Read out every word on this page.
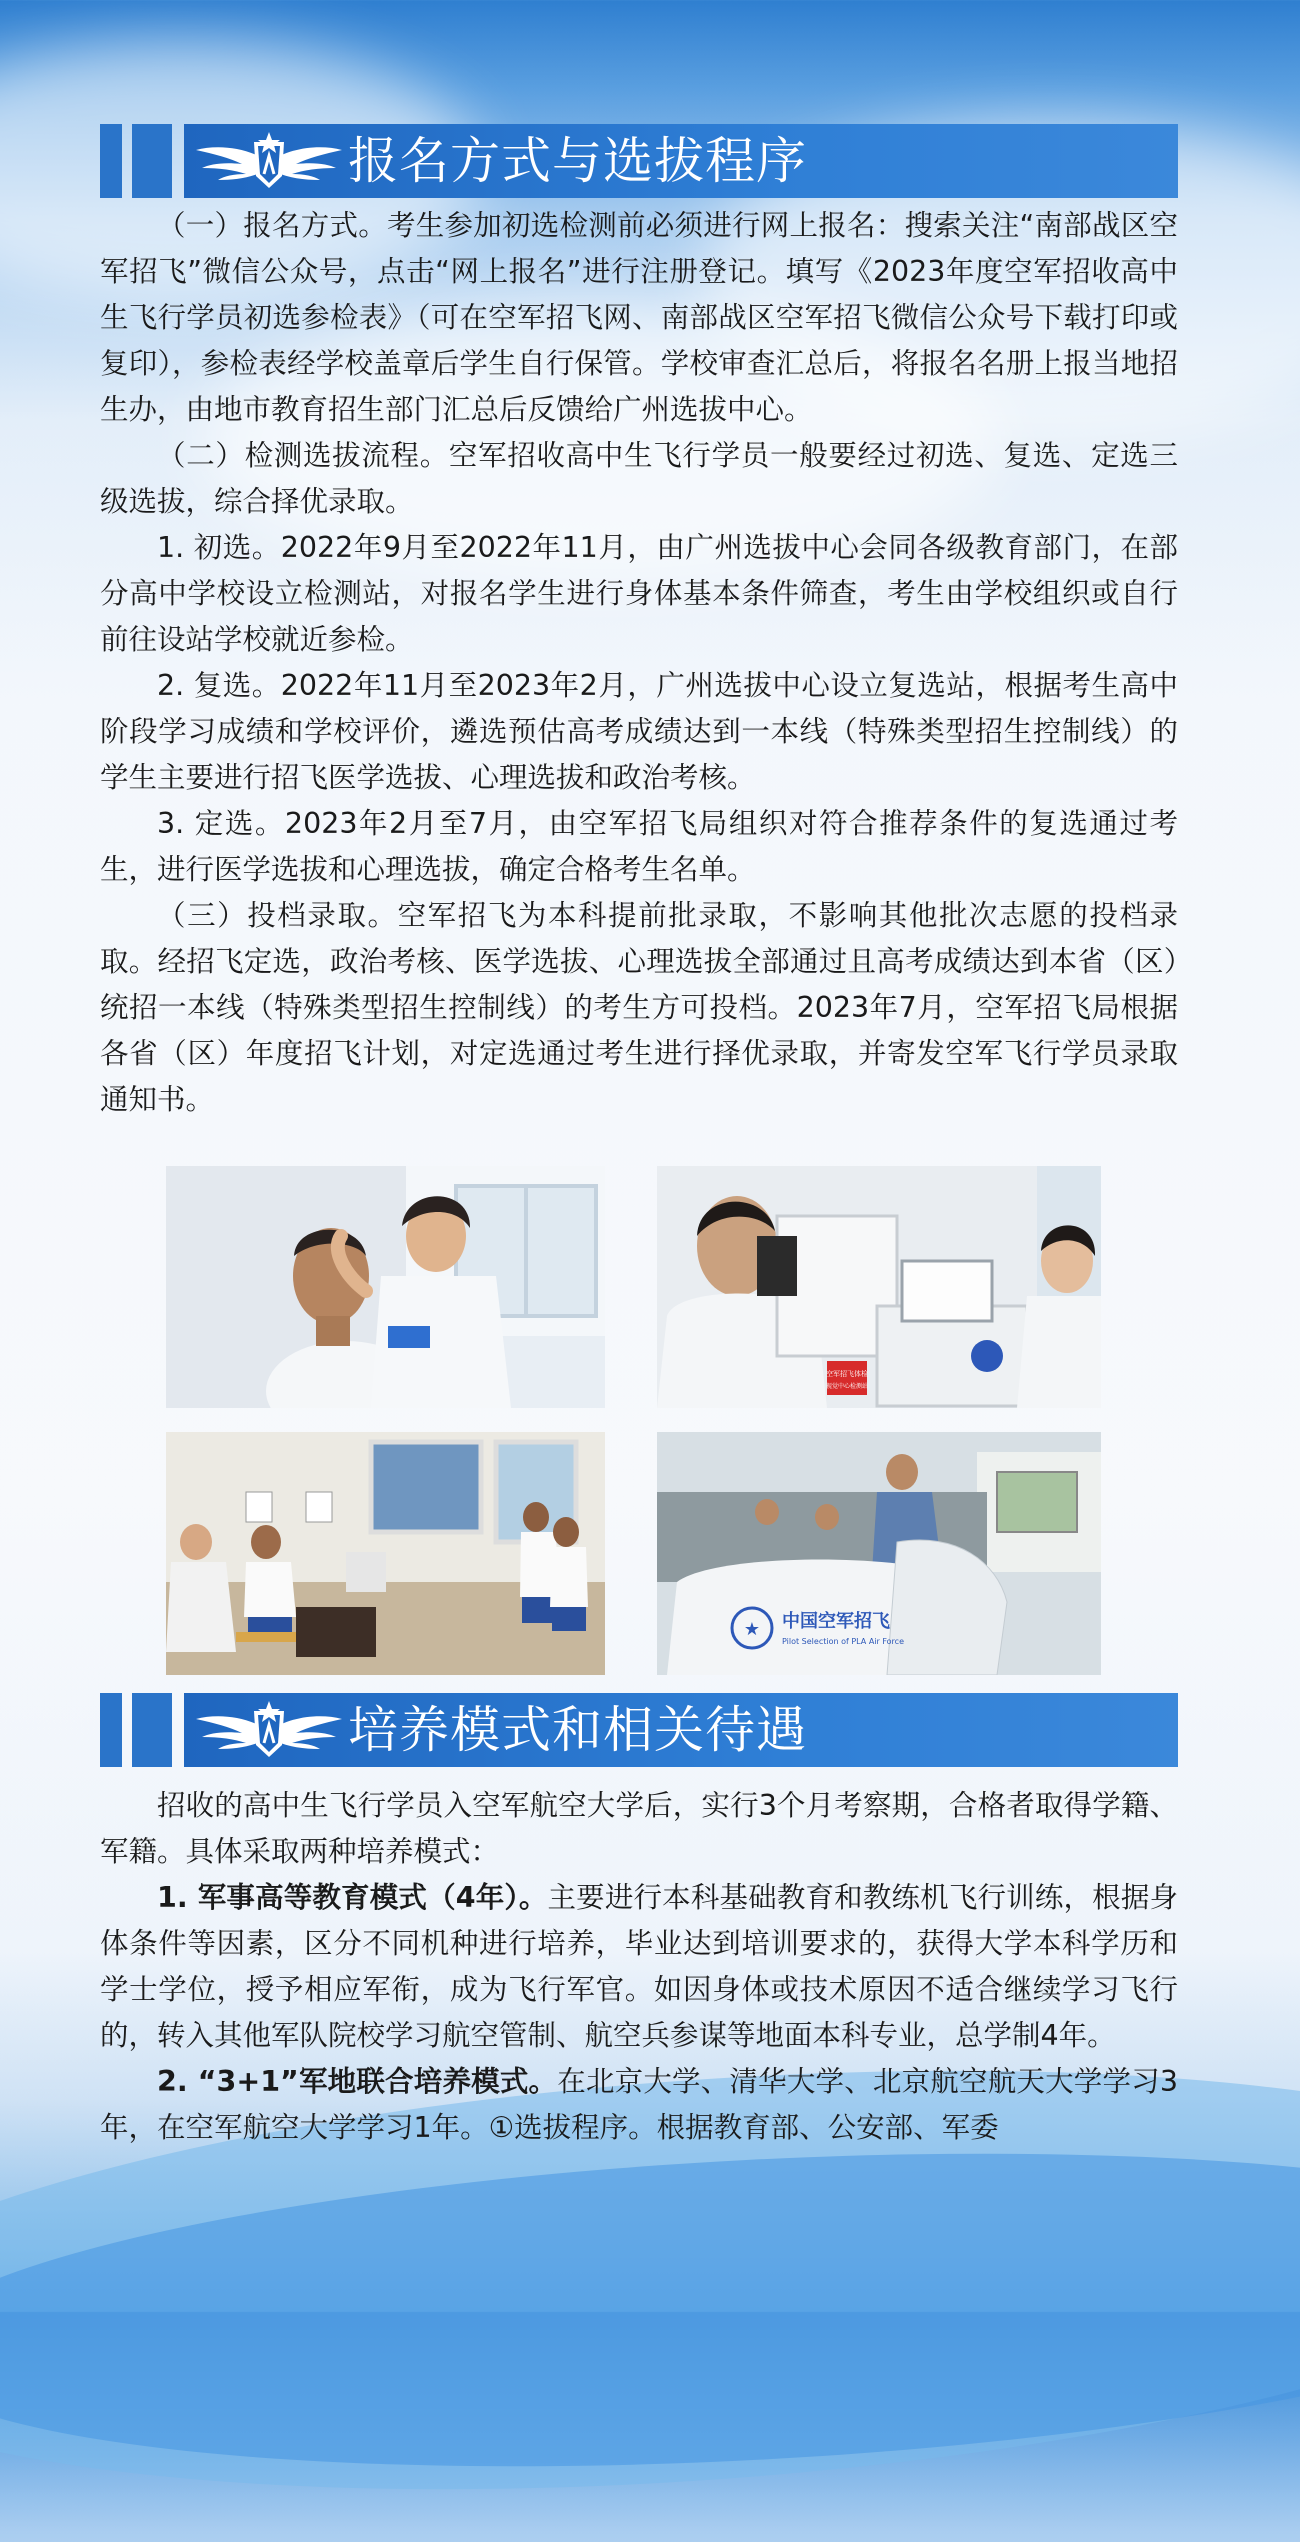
报名方式与选拔程序

（一）报名方式。考生参加初选检测前必须进行网上报名：搜索关注“南部战区空军招飞”微信公众号，点击“网上报名”进行注册登记。填写《2023年度空军招收高中生飞行学员初选参检表》（可在空军招飞网、南部战区空军招飞微信公众号下载打印或复印），参检表经学校盖章后学生自行保管。学校审查汇总后，将报名名册上报当地招生办，由地市教育招生部门汇总后反馈给广州选拔中心。

（二）检测选拔流程。空军招收高中生飞行学员一般要经过初选、复选、定选三级选拔，综合择优录取。

1. 初选。2022年9月至2022年11月，由广州选拔中心会同各级教育部门，在部分高中学校设立检测站，对报名学生进行身体基本条件筛查，考生由学校组织或自行前往设站学校就近参检。

2. 复选。2022年11月至2023年2月，广州选拔中心设立复选站，根据考生高中阶段学习成绩和学校评价，遴选预估高考成绩达到一本线（特殊类型招生控制线）的学生主要进行招飞医学选拔、心理选拔和政治考核。

3. 定选。2023年2月至7月，由空军招飞局组织对符合推荐条件的复选通过考生，进行医学选拔和心理选拔，确定合格考生名单。

（三）投档录取。空军招飞为本科提前批录取，不影响其他批次志愿的投档录取。经招飞定选，政治考核、医学选拔、心理选拔全部通过且高考成绩达到本省（区）统招一本线（特殊类型招生控制线）的考生方可投档。2023年7月，空军招飞局根据各省（区）年度招飞计划，对定选通过考生进行择优录取，并寄发空军飞行学员录取通知书。

空军招飞体检
视觉中心检测站
★ 中国空军招飞
Pilot Selection of PLA Air Force
培养模式和相关待遇

招收的高中生飞行学员入空军航空大学后，实行3个月考察期，合格者取得学籍、军籍。具体采取两种培养模式：

1. 军事高等教育模式（4年）。主要进行本科基础教育和教练机飞行训练，根据身体条件等因素，区分不同机种进行培养，毕业达到培训要求的，获得大学本科学历和学士学位，授予相应军衔，成为飞行军官。如因身体或技术原因不适合继续学习飞行的，转入其他军队院校学习航空管制、航空兵参谋等地面本科专业，总学制4年。

2. “3+1”军地联合培养模式。在北京大学、清华大学、北京航空航天大学学习3年，在空军航空大学学习1年。①选拔程序。根据教育部、公安部、军委
